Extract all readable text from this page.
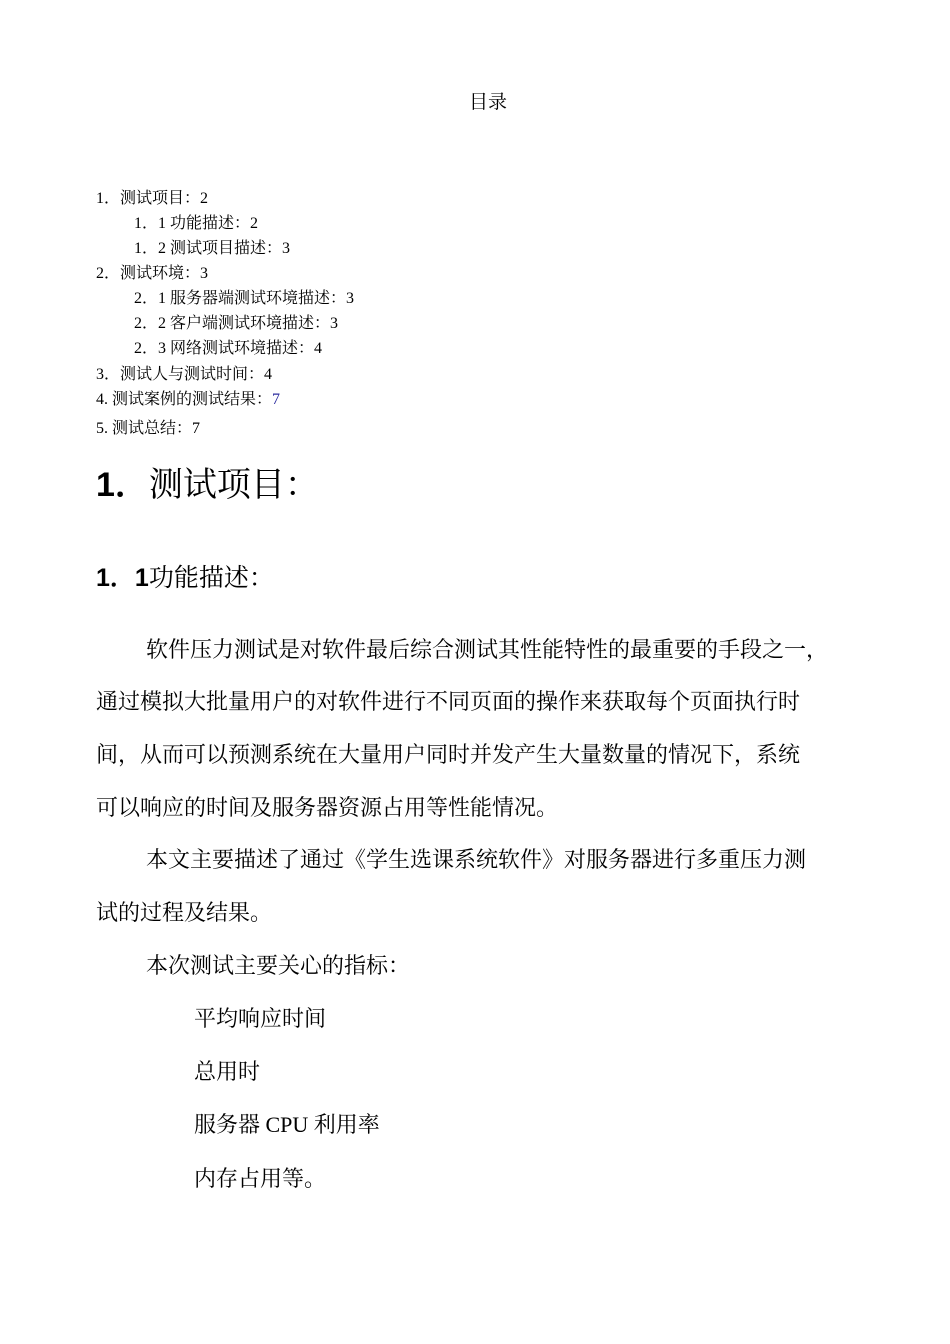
目录
1．测试项目：2
1．1 功能描述：2
1．2 测试项目描述：3
2．测试环境：3
2．1 服务器端测试环境描述：3
2．2 客户端测试环境描述：3
2．3 网络测试环境描述：4
3．测试人与测试时间：4
4. 测试案例的测试结果：7
5. 测试总结：7
1．测试项目：
1．1功能描述：
软件压力测试是对软件最后综合测试其性能特性的最重要的手段之一，
通过模拟大批量用户的对软件进行不同页面的操作来获取每个页面执行时
间，从而可以预测系统在大量用户同时并发产生大量数量的情况下，系统
可以响应的时间及服务器资源占用等性能情况。
本文主要描述了通过《学生选课系统软件》对服务器进行多重压力测
试的过程及结果。
本次测试主要关心的指标：
平均响应时间
总用时
服务器 CPU 利用率
内存占用等。
